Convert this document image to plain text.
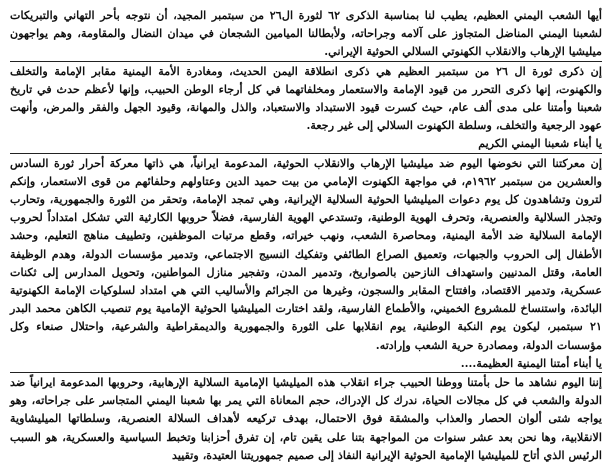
أيها الشعب اليمني العظيم، يطيب لنا بمناسبة الذكرى ٦٢ لثورة ال٢٦ من سبتمبر المجيد، أن نتوجه بأحر التهاني والتبريكات لشعبنا اليمني المناضل المتجاوز على آلامه وجراحاته، ولأبطالنا الميامين الشجعان في ميدان النضال والمقاومة، وهم يواجهون ميليشيا الإرهاب والانقلاب الكهنوتي السلالي الحوثية الإيراني.

إن ذكرى ثورة ال ٢٦ من سبتمبر العظيم هي ذكرى انطلاقة اليمن الحديث، ومغادرة الأمة اليمنية مقابر الإمامة والتخلف والكهنوت، إنها ذكرى التحرر من قيود الإمامة والاستعمار ومخلفاتهما في كل أرجاء الوطن الحبيب، وإنها لأعظم حدث في تاريخ شعبنا وأمتنا على مدى ألف عام، حيث كسرت قيود الاستبداد والاستعباد، والذل والمهانة، وقيود الجهل والفقر والمرض، وأنهت عهود الرجعية والتخلف، وسلطة الكهنوت السلالي إلى غير رجعة.

يا أبناء شعبنا اليمني الكريم

إن معركتنا التي نخوضها اليوم ضد ميليشيا الإرهاب والانقلاب الحوثية، المدعومة ايرانياً، هي ذاتها معركة أحرار ثورة السادس والعشرين من سبتمبر ١٩٦٢م، في مواجهة الكهنوت الإمامي من بيت حميد الدين وعتاولهم وحلفائهم من قوى الاستعمار، وإنكم لترون وتشاهدون كل يوم دعوات الميليشيا الحوثية السلالية الإيرانية، وهي تمجد الإمامة، وتحقر من الثورة والجمهورية، وتحارب وتجذر السلالية والعنصرية، وتحرف الهوية الوطنية، وتستدعي الهوية الفارسية، فضلاً حروبها الكارثية التي تشكل امتداداً لحروب الإمامة السلالية ضد الأمة اليمنية، ومحاصرة الشعب، ونهب خيراته، وقطع مرتبات الموظفين، وتطييف مناهج التعليم، وحشد الأطفال إلى الحروب والجبهات، وتعميق الصراع الطائفي وتفكيك النسيج الاجتماعي، وتدمير مؤسسات الدولة، وهدم الوظيفة العامة، وقتل المدنيين واستهداف النازحين بالصواريخ، وتدمير المدن، وتفجير منازل المواطنين، وتحويل المدارس إلى ثكنات عسكرية، وتدمير الاقتصاد، وافتتاح المقابر والسجون، وغيرها من الجرائم والأساليب التي هي امتداد لسلوكيات الإمامة الكهنوتية البائدة، واستنساخ للمشروع الخميني، والأطماع الفارسية، ولقد اختارت الميليشيا الحوثية الإمامية يوم تنصيب الكاهن محمد البدر ٢١ سبتمبر، ليكون يوم النكبة الوطنية، يوم انقلابها على الثورة والجمهورية والديمقراطية والشرعية، واحتلال صنعاء وكل مؤسسات الدولة، ومصادرة حرية الشعب وإرادته.

يا أبناء أمتنا اليمنية العظيمة....

إننا اليوم نشاهد ما حل بأمتنا ووطنا الحبيب جراء انقلاب هذه الميليشيا الإمامية السلالية الإرهابية، وحروبها المدعومة ايرانياً ضد الدولة والشعب في كل مجالات الحياة، ندرك كل الإدراك، حجم المعاناة التي يمر بها شعبنا اليمني المتجاسر على جراحاته، وهو يواجه شتى ألوان الحصار والعذاب والمشقة فوق الاحتمال، بهدف تركيعه لأهداف السلالة العنصرية، وسلطاتها الميليشاوية الانقلابية، وها نحن بعد عشر سنوات من المواجهة بتنا على يقين تام، إن تفرق أحزابنا وتخبط السياسية والعسكرية، هو السبب الرئيس الذي أتاح للميليشيا الإمامية الحوثية الإيرانية النفاذ إلى صميم جمهوريتنا العتيدة، وتقييد
